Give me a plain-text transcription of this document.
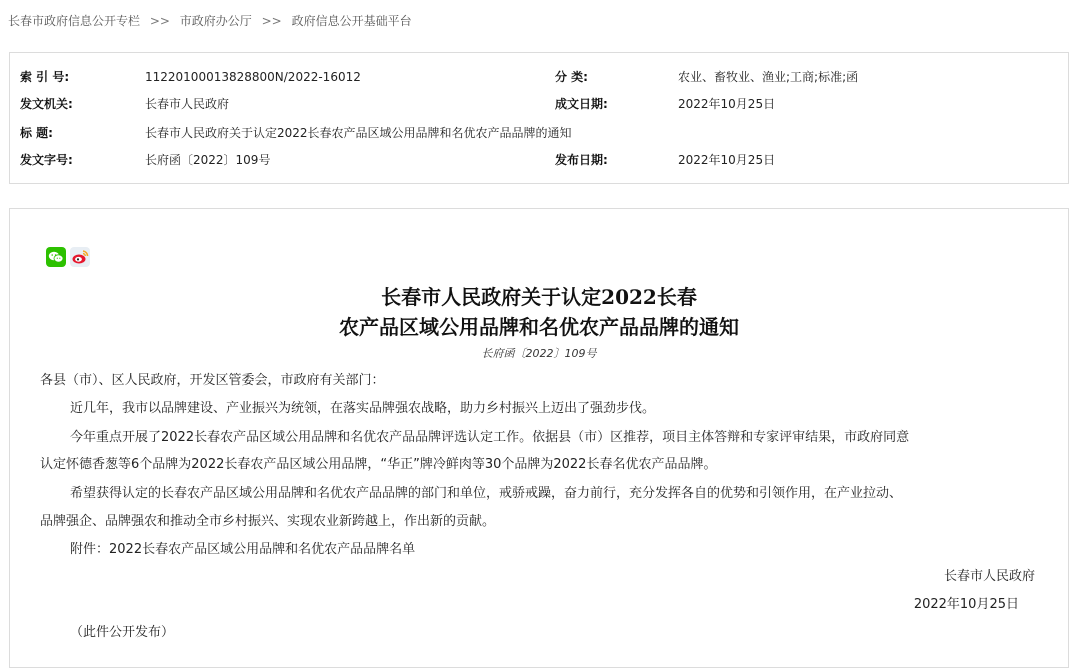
长春市政府信息公开专栏 >> 市政府办公厅 >> 政府信息公开基础平台
索 引 号:	11220100013828800N/2022-16012	分 类:	农业、畜牧业、渔业;工商;标准;函
发文机关:	长春市人民政府	成文日期:	2022年10月25日
标 题:	长春市人民政府关于认定2022长春农产品区域公用品牌和名优农产品品牌的通知
发文字号:	长府函〔2022〕109号	发布日期:	2022年10月25日
长春市人民政府关于认定2022长春
农产品区域公用品牌和名优农产品品牌的通知
长府函〔2022〕109号
各县（市）、区人民政府，开发区管委会，市政府有关部门：
近几年，我市以品牌建设、产业振兴为统领，在落实品牌强农战略，助力乡村振兴上迈出了强劲步伐。
今年重点开展了2022长春农产品区域公用品牌和名优农产品品牌评选认定工作。依据县（市）区推荐，项目主体答辩和专家评审结果，市政府同意
认定怀德香葱等6个品牌为2022长春农产品区域公用品牌，“华正”牌冷鲜肉等30个品牌为2022长春名优农产品品牌。
希望获得认定的长春农产品区域公用品牌和名优农产品品牌的部门和单位，戒骄戒躁，奋力前行，充分发挥各自的优势和引领作用，在产业拉动、
品牌强企、品牌强农和推动全市乡村振兴、实现农业新跨越上，作出新的贡献。
附件：2022长春农产品区域公用品牌和名优农产品品牌名单
长春市人民政府
2022年10月25日
（此件公开发布）
